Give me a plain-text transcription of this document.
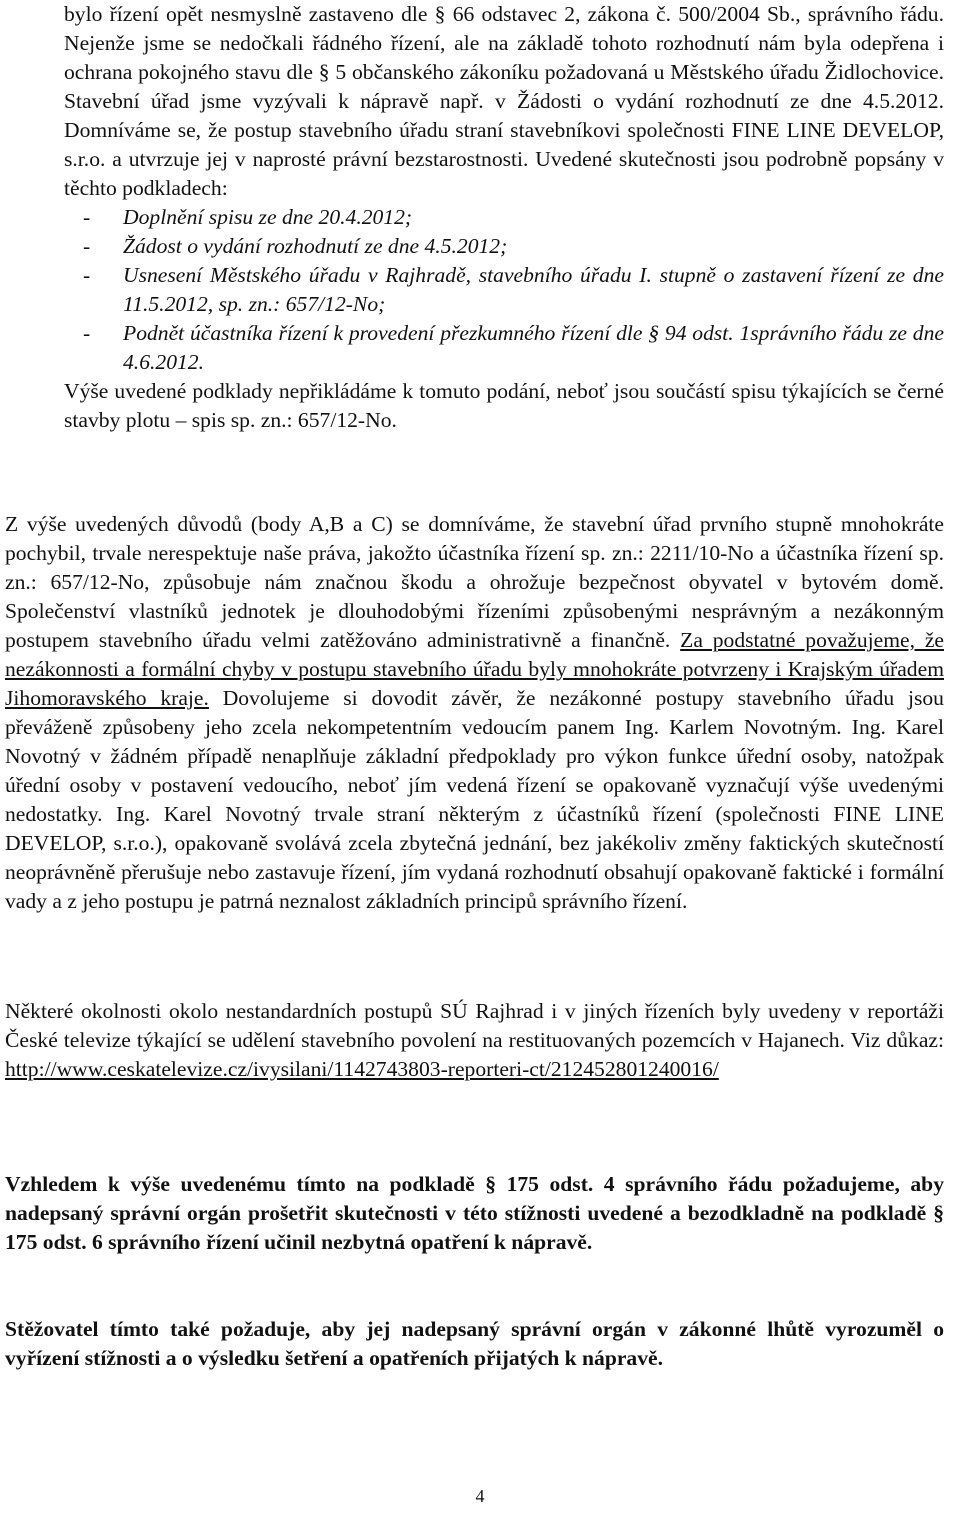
bylo řízení opět nesmyslně zastaveno dle § 66 odstavec 2, zákona č. 500/2004 Sb., správního řádu. Nejenže jsme se nedočkali řádného řízení, ale na základě tohoto rozhodnutí nám byla odepřena i ochrana pokojného stavu dle § 5 občanského zákoníku požadovaná u Městského úřadu Židlochovice. Stavební úřad jsme vyzývali k nápravě např. v Žádosti o vydání rozhodnutí ze dne 4.5.2012. Domníváme se, že postup stavebního úřadu straní stavebníkovi společnosti FINE LINE DEVELOP, s.r.o. a utvrzuje jej v naprosté právní bezstarostnosti. Uvedené skutečnosti jsou podrobně popsány v těchto podkladech:

- Doplnění spisu ze dne 20.4.2012;
- Žádost o vydání rozhodnutí ze dne 4.5.2012;
- Usnesení Městského úřadu v Rajhradě, stavebního úřadu I. stupně o zastavení řízení ze dne 11.5.2012, sp. zn.: 657/12-No;
- Podnět účastníka řízení k provedení přezkumného řízení dle § 94 odst. 1správního řádu ze dne 4.6.2012.

Výše uvedené podklady nepřikládáme k tomuto podání, neboť jsou součástí spisu týkajících se černé stavby plotu – spis sp. zn.: 657/12-No.

Z výše uvedených důvodů (body A,B a C) se domníváme, že stavební úřad prvního stupně mnohokráte pochybil, trvale nerespektuje naše práva, jakožto účastníka řízení sp. zn.: 2211/10-No a účastníka řízení sp. zn.: 657/12-No, způsobuje nám značnou škodu a ohrožuje bezpečnost obyvatel v bytovém domě. Společenství vlastníků jednotek je dlouhodobými řízeními způsobenými nesprávným a nezákonným postupem stavebního úřadu velmi zatěžováno administrativně a finančně. Za podstatné považujeme, že nezákonnosti a formální chyby v postupu stavebního úřadu byly mnohokráte potvrzeny i Krajským úřadem Jihomoravského kraje. Dovolujeme si dovodit závěr, že nezákonné postupy stavebního úřadu jsou převáženě způsobeny jeho zcela nekompetentním vedoucím panem Ing. Karlem Novotným. Ing. Karel Novotný v žádném případě nenaplňuje základní předpoklady pro výkon funkce úřední osoby, natožpak úřední osoby v postavení vedoucího, neboť jím vedená řízení se opakovaně vyznačují výše uvedenými nedostatky. Ing. Karel Novotný trvale straní některým z účastníků řízení (společnosti FINE LINE DEVELOP, s.r.o.), opakovaně svolává zcela zbytečná jednání, bez jakékoliv změny faktických skutečností neoprávněně přerušuje nebo zastavuje řízení, jím vydaná rozhodnutí obsahují opakovaně faktické i formální vady a z jeho postupu je patrná neznalost základních principů správního řízení.

Některé okolnosti okolo nestandardních postupů SÚ Rajhrad i v jiných řízeních byly uvedeny v reportáži České televize týkající se udělení stavebního povolení na restituovaných pozemcích v Hajanech. Viz důkaz: http://www.ceskatelevize.cz/ivysilani/1142743803-reporteri-ct/212452801240016/

Vzhledem k výše uvedenému tímto na podkladě § 175 odst. 4 správního řádu požadujeme, aby nadepsaný správní orgán prošetřit skutečnosti v této stížnosti uvedené a bezodkladně na podkladě § 175 odst. 6 správního řízení učinil nezbytná opatření k nápravě.

Stěžovatel tímto také požaduje, aby jej nadepsaný správní orgán v zákonné lhůtě vyrozuměl o vyřízení stížnosti a o výsledku šetření a opatřeních přijatých k nápravě.

4
